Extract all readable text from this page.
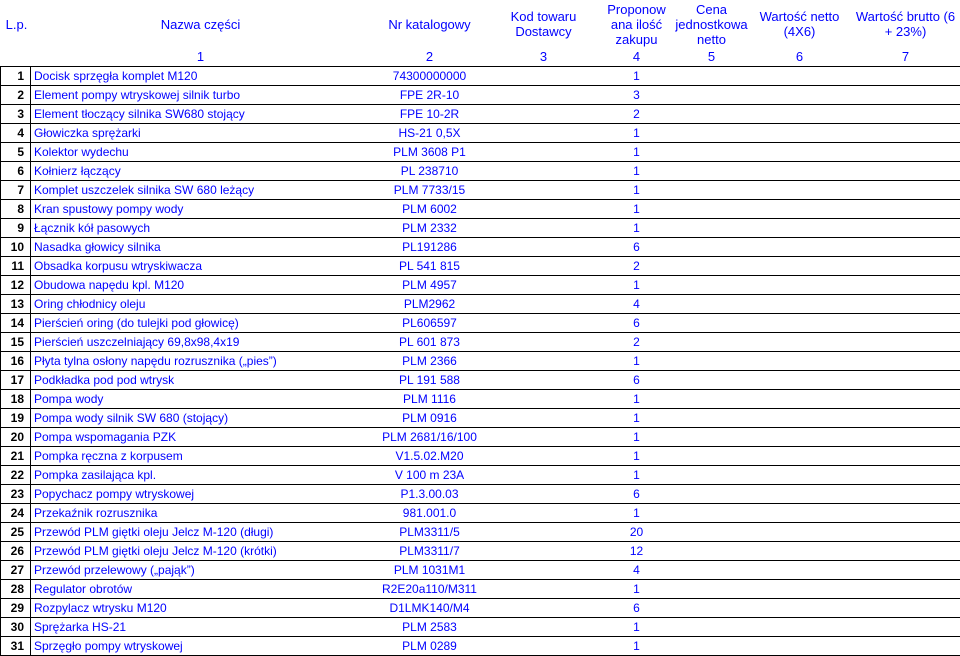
L.p.	Nazwa części	Nr katalogowy	Kod towaru Dostawcy	Proponow ana ilość zakupu	Cena jednostkowa netto	Wartość netto (4X6)	Wartość brutto (6 + 23%)
	1	2	3	4	5	6	7
1	Docisk sprzęgła komplet M120	74300000000		1			
2	Element pompy wtryskowej silnik turbo	FPE 2R-10		3			
3	Element tłoczący silnika SW680 stojący	FPE 10-2R		2			
4	Głowiczka sprężarki	HS-21 0,5X		1			
5	Kolektor wydechu	PLM 3608 P1		1			
6	Kołnierz łączący	PL 238710		1			
7	Komplet uszczelek silnika SW 680 leżący	PLM 7733/15		1			
8	Kran spustowy pompy wody	PLM 6002		1			
9	Łącznik kół pasowych	PLM 2332		1			
10	Nasadka głowicy silnika	PL191286		6			
11	Obsadka korpusu wtryskiwacza	PL 541 815		2			
12	Obudowa napędu kpl. M120	PLM 4957		1			
13	Oring chłodnicy oleju	PLM2962		4			
14	Pierścień oring (do tulejki pod głowicę)	PL606597		6			
15	Pierścień uszczelniający 69,8x98,4x19	PL 601 873		2			
16	Płyta tylna osłony napędu rozrusznika („pies”)	PLM 2366		1			
17	Podkładka pod pod wtrysk	PL 191 588		6			
18	Pompa wody	PLM 1116		1			
19	Pompa wody silnik SW 680 (stojący)	PLM 0916		1			
20	Pompa wspomagania PZK	PLM 2681/16/100		1			
21	Pompka ręczna z korpusem	V1.5.02.M20		1			
22	Pompka zasilająca kpl.	V 100 m 23A		1			
23	Popychacz pompy wtryskowej	P1.3.00.03		6			
24	Przekaźnik rozrusznika	981.001.0		1			
25	Przewód PLM giętki oleju Jelcz M-120 (długi)	PLM3311/5		20			
26	Przewód PLM giętki oleju Jelcz M-120 (krótki)	PLM3311/7		12			
27	Przewód przelewowy („pająk”)	PLM 1031M1		4			
28	Regulator obrotów	R2E20a110/M311		1			
29	Rozpylacz wtrysku M120	D1LMK140/M4		6			
30	Sprężarka HS-21	PLM 2583		1			
31	Sprzęgło pompy wtryskowej	PLM 0289		1			
